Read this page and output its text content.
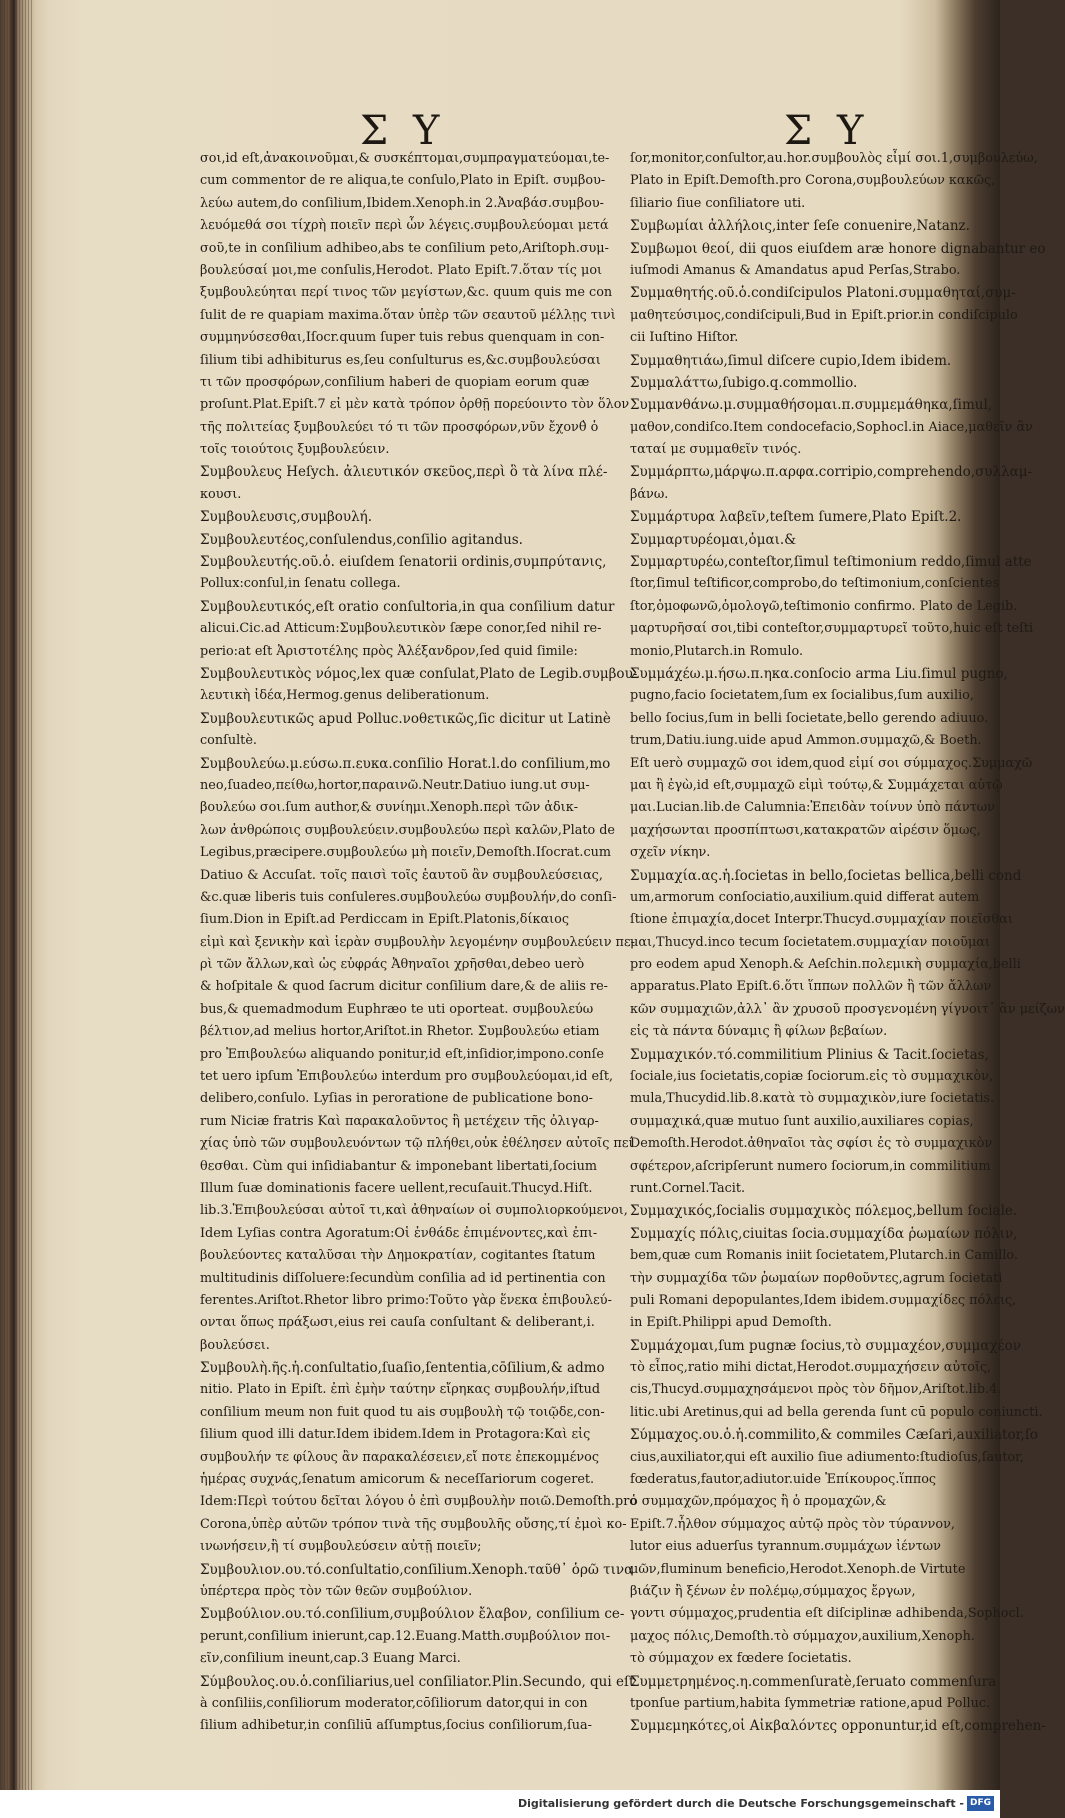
Σ Υ	Σ Υ
σοι,id eſt,ἀνακοινοῦμαι,& συσκέπτομαι,συμπραγματεύομαι,te-
cum commentor de re aliqua,te conſulo,Plato in Epiſt. συμβου-
λεύω autem,do conſilium,Ibidem.Xenoph.in 2.Ἀναβάσ.συμβου-
λευόμεθά σοι τίχρὴ ποιεῖν περὶ ὧν λέγεις.συμβουλεύομαι μετά
σοῦ,te in conſilium adhibeo,abs te conſilium peto,Ariſtoph.συμ-
βουλεύσαί μοι,me conſulis,Herodot. Plato Epiſt.7.ὅταν τίς μοι
ξυμβουλεύηται περί τινος τῶν μεγίστων,&c. quum quis me con
ſulit de re quapiam maxima.ὅταν ὑπὲρ τῶν σεαυτοῦ μέλλῃς τινὶ
συμμηνύσεσθαι,Iſocr.quum ſuper tuis rebus quenquam in con-
ſilium tibi adhibiturus es,ſeu conſulturus es,&c.συμβουλεύσαι
τι τῶν προσφόρων,conſilium haberi de quopiam eorum quæ
proſunt.Plat.Epiſt.7 εἰ μὲν κατὰ τρόπον ὀρθῇ πορεύοιντο τὸν ὅλον
τῆς πολιτείας ξυμβουλεύει τό τι τῶν προσφόρων,νῦν ἔχονθ̓ ὁ
τοῖς τοιούτοις ξυμβουλεύειν.
Συμβουλευς Heſych. ἀλιευτικόν σκεῦος,περὶ ὃ τὰ λίνα πλέ-
κουσι.
Συμβουλευσις,συμβουλή.
Συμβουλευτέος,conſulendus,conſilio agitandus.
Συμβουλευτής.οῦ.ὁ. eiuſdem ſenatorii ordinis,συμπρύτανις,
Pollux:conſul,in ſenatu collega.
Συμβουλευτικός,eſt oratio conſultoria,in qua conſilium datur
alicui.Cic.ad Atticum:Συμβουλευτικὸν ſæpe conor,ſed nihil re-
perio:at eſt Ἀριστοτέλης πρὸς Ἀλέξανδρον,ſed quid ſimile:
Συμβουλευτικὸς νόμος,lex quæ conſulat,Plato de Legib.συμβου-
λευτικὴ ἰδέα,Hermog.genus deliberationum.
Συμβουλευτικῶς apud Polluc.νοθετικῶς,ſic dicitur ut Latinè
conſultè.
Συμβουλεύω.μ.εύσω.π.ευκα.conſilio Horat.l.do conſilium,mo
neo,ſuadeo,πείθω,hortor,παραινῶ.Neutr.Datiuo iung.ut συμ-
βουλεύω σοι.ſum author,& συνίημι.Xenoph.περὶ τῶν ἀδικ-
λων ἀνθρώποις συμβουλεύειν.συμβουλεύω περὶ καλῶν,Plato de
Legibus,præcipere.συμβουλεύω μὴ ποιεῖν,Demoſth.Iſocrat.cum
Datiuo & Accuſat. τοῖς παισὶ τοῖς ἑαυτοῦ ἃν συμβουλεύσειας,
&c.quæ liberis tuis conſuleres.συμβουλεύω συμβουλήν,do conſi-
ſium.Dion in Epiſt.ad Perdiccam in Epiſt.Platonis,δίκαιος
εἰμὶ καὶ ξενικὴν καὶ ἱερὰν συμβουλὴν λεγομένην συμβουλεύειν πε-
ρὶ τῶν ἄλλων,καὶ ὡς εὐφράς Ἀθηναῖοι χρῆσθαι,debeo uerò
& hoſpitale & quod ſacrum dicitur conſilium dare,& de aliis re-
bus,& quemadmodum Euphræo te uti oporteat. συμβουλεύω
βέλτιον,ad melius hortor,Ariſtot.in Rhetor. Συμβουλεύω etiam
pro Ἐπιβουλεύω aliquando ponitur,id eſt,inſidior,impono.conſe
tet uero ipſum Ἐπιβουλεύω interdum pro συμβουλεύομαι,id eſt,
delibero,conſulo. Lyſias in peroratione de publicatione bono-
rum Niciæ fratris Καὶ παρακαλοῦντος ἢ μετέχειν τῆς ὀλιγαρ-
χίας ὑπὸ τῶν συμβουλευόντων τῷ πλήθει,οὐκ ἐθέλησεν αὐτοῖς πεί
θεσθαι. Cùm qui inſidiabantur & imponebant libertati,ſocium
Illum ſuæ dominationis facere uellent,recuſauit.Thucyd.Hiſt.
lib.3.Ἐπιβουλεύσαι αὐτοῖ τι,καὶ ἀθηναίων οἱ συμπολιορκούμενοι,
Idem Lyſias contra Agoratum:Οἱ ἐνθάδε ἐπιμένοντες,καὶ ἐπι-
βουλεύοντες καταλῦσαι τὴν Δημοκρατίαν, cogitantes ſtatum
multitudinis diſſoluere:ſecundùm conſilia ad id pertinentia con
ferentes.Ariſtot.Rhetor libro primo:Τοῦτο γὰρ ἕνεκα ἐπιβουλεύ-
ονται ὅπως πράξωσι,eius rei cauſa conſultant & deliberant,i.
βουλεύσει.
Συμβουλὴ.ῆς.ἡ.conſultatio,ſuaſio,ſententia,cōſilium,& admo
nitio. Plato in Epiſt. ἐπὶ ἐμὴν ταύτην εἴρηκας συμβουλήν,iſtud
conſilium meum non fuit quod tu ais συμβουλὴ τῷ τοιῷδε,con-
ſilium quod illi datur.Idem ibidem.Idem in Protagora:Καὶ εἰς
συμβουλήν τε φίλους ἂν παρακαλέσειεν,εἴ ποτε ἐπεκομμένος
ἡμέρας συχνάς,ſenatum amicorum & neceſſariorum cogeret.
Idem:Περὶ τούτου δεῖται λόγου ὁ ἐπὶ συμβουλὴν ποιῶ.Demoſth.pro
Corona,ὑπὲρ αὐτῶν τρόπον τινὰ τῆς συμβουλῆς οὔσης,τί ἐμοὶ κο-
ινωνήσειν,ἢ τί συμβουλεύσειν αὐτῇ ποιεῖν;
Συμβουλιον.ου.τό.conſultatio,conſilium.Xenoph.ταῦθ᾽ ὁρῶ τινα
ὑπέρτερα πρὸς τὸν τῶν θεῶν συμβούλιον.
Συμβούλιον.ου.τό.conſilium,συμβούλιον ἔλαβον, conſilium ce-
perunt,conſilium inierunt,cap.12.Euang.Matth.συμβούλιον ποι-
εῖν,conſilium ineunt,cap.3 Euang Marci.
Σύμβουλος.ου.ὁ.conſiliarius,uel conſiliator.Plin.Secundo, qui eſt
à conſiliis,conſiliorum moderator,cōſiliorum dator,qui in con
ſilium adhibetur,in conſiliū aſſumptus,ſocius conſiliorum,ſua-
ſor,monitor,conſultor,au.hor.συμβουλὸς εἶμί σοι.1,συμβουλεύω,
Plato in Epiſt.Demoſth.pro Corona,συμβουλεύων κακῶς,
ſiliario ſiue conſiliatore uti.
Συμβωμίαι ἀλλήλοις,inter ſeſe conuenire,Natanz.
Συμβωμοι θεοί, dii quos eiuſdem aræ honore dignabantur eo
iuſmodi Amanus & Amandatus apud Perſas,Strabo.
Συμμαθητής.οῦ.ὁ.condiſcipulos Platoni.συμμαθηταί,συμ-
μαθητεύσιμος,condiſcipuli,Bud in Epiſt.prior.in condiſcipulo
cii Iuſtino Hiſtor.
Συμμαθητιάω,ſimul diſcere cupio,Idem ibidem.
Συμμαλάττω,ſubigo.q.commollio.
Συμμανθάνω.μ.συμμαθήσομαι.π.συμμεμάθηκα,ſimul,
μαθον,condiſco.Item condocefacio,Sophocl.in Aiace,μαθεῖν ἂν
ταταί με συμμαθεῖν τινός.
Συμμάρπτω,μάρψω.π.αρφα.corripio,comprehendo,συλλαμ-
βάνω.
Συμμάρτυρα λαβεῖν,teſtem ſumere,Plato Epiſt.2.
Συμμαρτυρέομαι,ὁμαι.&
Συμμαρτυρέω,conteſtor,ſimul teſtimonium reddo,ſimul atte
ſtor,ſimul teſtificor,comprobo,do teſtimonium,conſcientes
ſtor,ὁμοφωνῶ,ὁμολογῶ,teſtimonio confirmo. Plato de Legib.
μαρτυρῆσαί σοι,tibi conteſtor,συμμαρτυρεῖ τοῦτο,huic eſt teſti
monio,Plutarch.in Romulo.
Συμμάχέω.μ.ήσω.π.ηκα.conſocio arma Liu.ſimul pugno,
pugno,facio ſocietatem,ſum ex ſocialibus,ſum auxilio,
bello ſocius,ſum in belli ſocietate,bello gerendo adiuuo.
trum,Datiu.iung.uide apud Ammon.συμμαχῶ,& Boeth.
Eſt uerò συμμαχῶ σοι idem,quod εἰμί σοι σύμμαχος.Συμμαχῶ
μαι ἢ ἐγὼ,id eſt,συμμαχῶ εἰμὶ τούτῳ,& Συμμάχεται αὐτῷ
μαι.Lucian.lib.de Calumnia:Ἐπειδὰν τοίνυν ὑπὸ πάντων
μαχήσωνται προσπίπτωσι,κατακρατῶν αἱρέσιν ὅμως,
σχεῖν νίκην.
Συμμαχία.ας.ἡ.ſocietas in bello,ſocietas bellica,belli cond
um,armorum conſociatio,auxilium.quid differat autem
ſtione ἐπιμαχία,docet Interpr.Thucyd.συμμαχίαν ποιεῖσθαι
μαι,Thucyd.inco tecum ſocietatem.συμμαχίαν ποιοῦμαι
pro eodem apud Xenoph.& Aeſchin.πολεμικὴ συμμαχία,belli
apparatus.Plato Epiſt.6.ὅτι ἵππων πολλῶν ἢ τῶν ἄλλων
κῶν συμμαχιῶν,ἀλλ᾽ ἂν χρυσοῦ προσγενομένη γίγνοιτ᾽ ἂν μείζων
εἰς τὰ πάντα δύναμις ἢ φίλων βεβαίων.
Συμμαχικόν.τό.commilitium Plinius & Tacit.ſocietas,
ſociale,ius ſocietatis,copiæ ſociorum.εἰς τὸ συμμαχικὸν,
mula,Thucydid.lib.8.κατὰ τὸ συμμαχικὸν,iure ſocietatis.
συμμαχικά,quæ mutuo ſunt auxilio,auxiliares copias,
Demoſth.Herodot.ἀθηναῖοι τὰς σφίσι ἐς τὸ συμμαχικὸν
σφέτερον,aſcripſerunt numero ſociorum,in commilitium
runt.Cornel.Tacit.
Συμμαχικός,ſocialis συμμαχικὸς πόλεμος,bellum ſociale.
Συμμαχίς πόλις,ciuitas ſocia.συμμαχίδα ῥωμαίων πόλιν,
bem,quæ cum Romanis iniit ſocietatem,Plutarch.in Camillo.
τὴν συμμαχίδα τῶν ῥωμαίων πορθοῦντες,agrum ſocietati
puli Romani depopulantes,Idem ibidem.συμμαχίδες πόλεις,
in Epiſt.Philippi apud Demoſth.
Συμμάχομαι,ſum pugnæ ſocius,τὸ συμμαχέον,συμμαχέον
τὸ εἶπος,ratio mihi dictat,Herodot.συμμαχήσειν αὐτοῖς,
cis,Thucyd.συμμαχησάμενοι πρὸς τὸν δῆμον,Ariſtot.lib.4.
litic.ubi Aretinus,qui ad bella gerenda ſunt cū populo coniuncti.
Σύμμαχος.ου.ὁ.ἡ.commilito,& commiles Cæſari,auxiliator,ſo
cius,auxiliator,qui eſt auxilio ſiue adiumento:ſtudioſus,ſautor,
fœderatus,fautor,adiutor.uide Ἐπίκουρος.ἵππος
ὁ συμμαχῶν,πρόμαχος ἢ ὁ προμαχῶν,&
Epiſt.7.ἦλθον σύμμαχος αὐτῷ πρὸς τὸν τύραννον,
lutor eius aduerſus tyrannum.συμμάχων ἰέντων
μῶν,fluminum beneficio,Herodot.Xenoph.de Virtute
βιάζιν ἢ ξένων ἐν πολέμῳ,σύμμαχος ἔργων,
γοντι σύμμαχος,prudentia eſt diſciplinæ adhibenda,Sophocl.
μαχος πόλις,Demoſth.τὸ σύμμαχον,auxilium,Xenoph.
τὸ σύμμαχον ex fœdere ſocietatis.
Συμμετρημένος.η.commenſuratè,ſeruato commenſura
tponſue partium,habita ſymmetriæ ratione,apud Polluc.
Συμμεμηκότες,οἱ Αἰκβαλόντες opponuntur,id eſt,comprehen-
Digitalisierung gefördert durch die Deutsche Forschungsgemeinschaft - DFG
